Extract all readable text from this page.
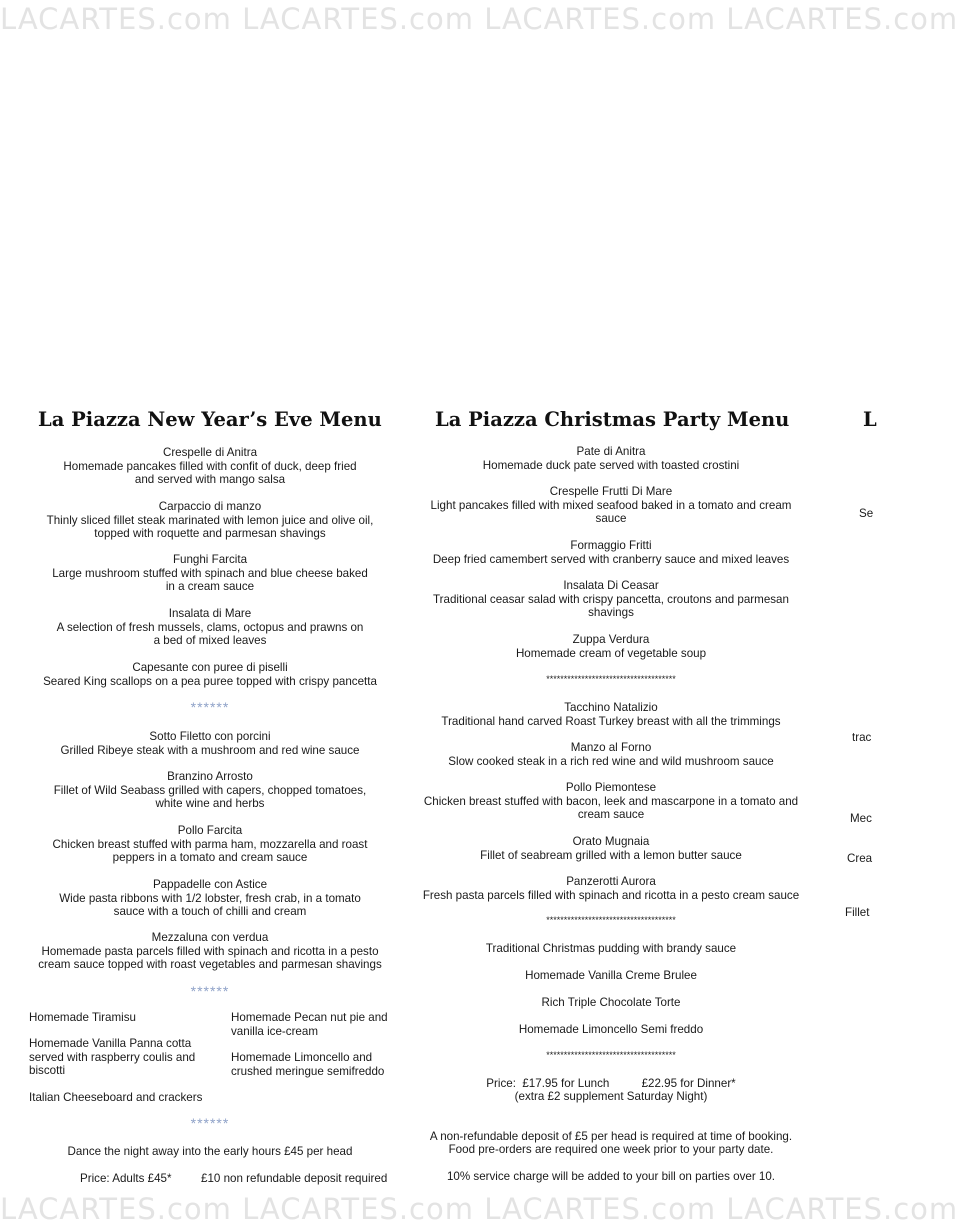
LACARTES.com LACARTES.com LACARTES.com LACARTES.com
LACARTES.com LACARTES.com LACARTES.com LACARTES.com
La Piazza New Year’s Eve Menu
Crespelle di Anitra
Homemade pancakes filled with confit of duck, deep fried
and served with mango salsa
Carpaccio di manzo
Thinly sliced fillet steak marinated with lemon juice and olive oil,
topped with roquette and parmesan shavings
Funghi Farcita
Large mushroom stuffed with spinach and blue cheese baked
in a cream sauce
Insalata di Mare
A selection of fresh mussels, clams, octopus and prawns on
a bed of mixed leaves
Capesante con puree di piselli
Seared King scallops on a pea puree topped with crispy pancetta
******
Sotto Filetto con porcini
Grilled Ribeye steak with a mushroom and red wine sauce
Branzino Arrosto
Fillet of Wild Seabass grilled with capers, chopped tomatoes,
white wine and herbs
Pollo Farcita
Chicken breast stuffed with parma ham, mozzarella and roast
peppers in a tomato and cream sauce
Pappadelle con Astice
Wide pasta ribbons with 1/2 lobster, fresh crab, in a tomato
sauce with a touch of chilli and cream
Mezzaluna con verdua
Homemade pasta parcels filled with spinach and ricotta in a pesto
cream sauce topped with roast vegetables and parmesan shavings
******
Homemade Tiramisu
Homemade Vanilla Panna cotta
served with raspberry coulis and
biscotti
Italian Cheeseboard and crackers
Homemade Pecan nut pie and
vanilla ice-cream
Homemade Limoncello and
crushed meringue semifreddo
******
Dance the night away into the early hours £45 per head
Price: Adults £45*	£10 non refundable deposit required
La Piazza Christmas Party Menu
Pate di Anitra
Homemade duck pate served with toasted crostini
Crespelle Frutti Di Mare
Light pancakes filled with mixed seafood baked in a tomato and cream
sauce
Formaggio Fritti
Deep fried camembert served with cranberry sauce and mixed leaves
Insalata Di Ceasar
Traditional ceasar salad with crispy pancetta, croutons and parmesan
shavings
Zuppa Verdura
Homemade cream of vegetable soup
*************************************
Tacchino Natalizio
Traditional hand carved Roast Turkey breast with all the trimmings
Manzo al Forno
Slow cooked steak in a rich red wine and wild mushroom sauce
Pollo Piemontese
Chicken breast stuffed with bacon, leek and mascarpone in a tomato and
cream sauce
Orato Mugnaia
Fillet of seabream grilled with a lemon butter sauce
Panzerotti Aurora
Fresh pasta parcels filled with spinach and ricotta in a pesto cream sauce
*************************************
Traditional Christmas pudding with brandy sauce
Homemade Vanilla Creme Brulee
Rich Triple Chocolate Torte
Homemade Limoncello Semi freddo
*************************************
Price:  £17.95 for Lunch          £22.95 for Dinner*
(extra £2 supplement Saturday Night)
A non-refundable deposit of £5 per head is required at time of booking.
Food pre-orders are required one week prior to your party date.
10% service charge will be added to your bill on parties over 10.
L
Se
trac
Mec
Crea
Fillet
